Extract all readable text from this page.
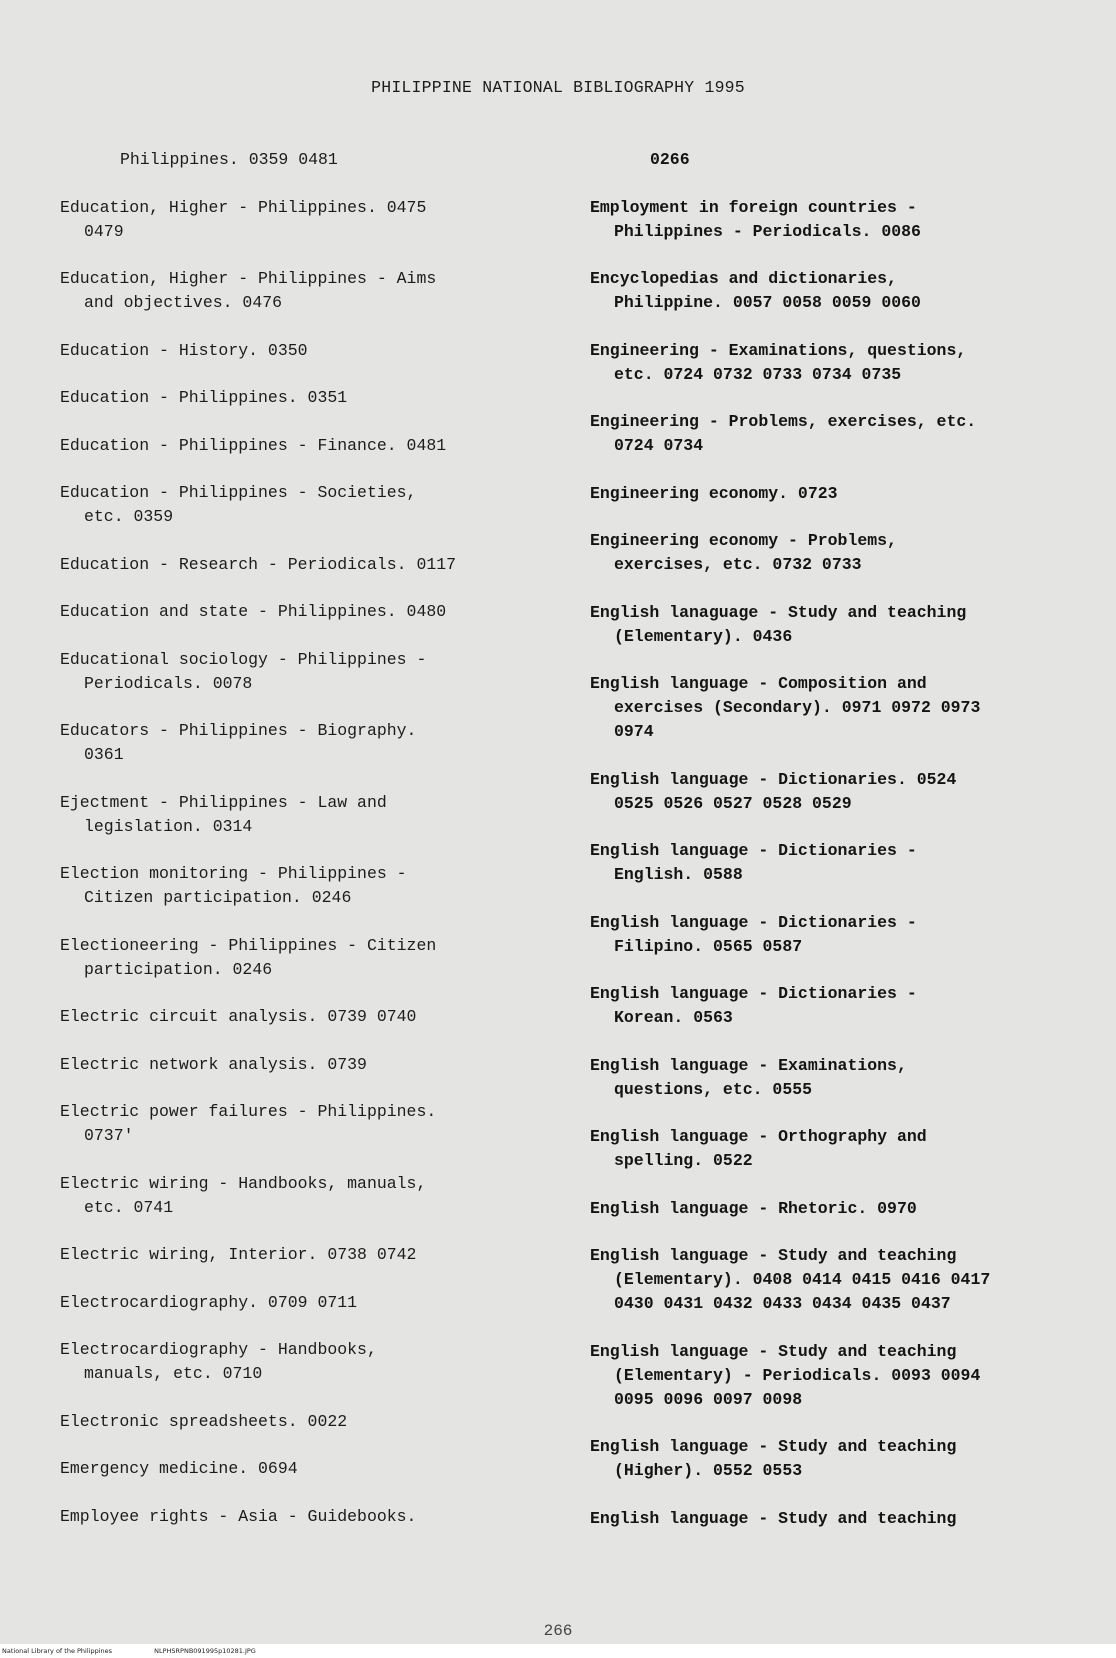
PHILIPPINE NATIONAL BIBLIOGRAPHY 1995
Philippines. 0359 0481
Education, Higher - Philippines. 0475
0479
Education, Higher - Philippines - Aims
and objectives. 0476
Education - History. 0350
Education - Philippines. 0351
Education - Philippines - Finance. 0481
Education - Philippines - Societies,
etc. 0359
Education - Research - Periodicals. 0117
Education and state - Philippines. 0480
Educational sociology - Philippines -
Periodicals. 0078
Educators - Philippines - Biography.
0361
Ejectment - Philippines - Law and
legislation. 0314
Election monitoring - Philippines -
Citizen participation. 0246
Electioneering - Philippines - Citizen
participation. 0246
Electric circuit analysis. 0739 0740
Electric network analysis. 0739
Electric power failures - Philippines.
0737'
Electric wiring - Handbooks, manuals,
etc. 0741
Electric wiring, Interior. 0738 0742
Electrocardiography. 0709 0711
Electrocardiography - Handbooks,
manuals, etc. 0710
Electronic spreadsheets. 0022
Emergency medicine. 0694
Employee rights - Asia - Guidebooks.
0266
Employment in foreign countries -
Philippines - Periodicals. 0086
Encyclopedias and dictionaries,
Philippine. 0057 0058 0059 0060
Engineering - Examinations, questions,
etc. 0724 0732 0733 0734 0735
Engineering - Problems, exercises, etc.
0724 0734
Engineering economy. 0723
Engineering economy - Problems,
exercises, etc. 0732 0733
English lanaguage - Study and teaching
(Elementary). 0436
English language - Composition and
exercises (Secondary). 0971 0972 0973
0974
English language - Dictionaries. 0524
0525 0526 0527 0528 0529
English language - Dictionaries -
English. 0588
English language - Dictionaries -
Filipino. 0565 0587
English language - Dictionaries -
Korean. 0563
English language - Examinations,
questions, etc. 0555
English language - Orthography and
spelling. 0522
English language - Rhetoric. 0970
English language - Study and teaching
(Elementary). 0408 0414 0415 0416 0417
0430 0431 0432 0433 0434 0435 0437
English language - Study and teaching
(Elementary) - Periodicals. 0093 0094
0095 0096 0097 0098
English language - Study and teaching
(Higher). 0552 0553
English language - Study and teaching
266
National Library of the Philippines	NLPHSRPNB091995p10281.JPG
